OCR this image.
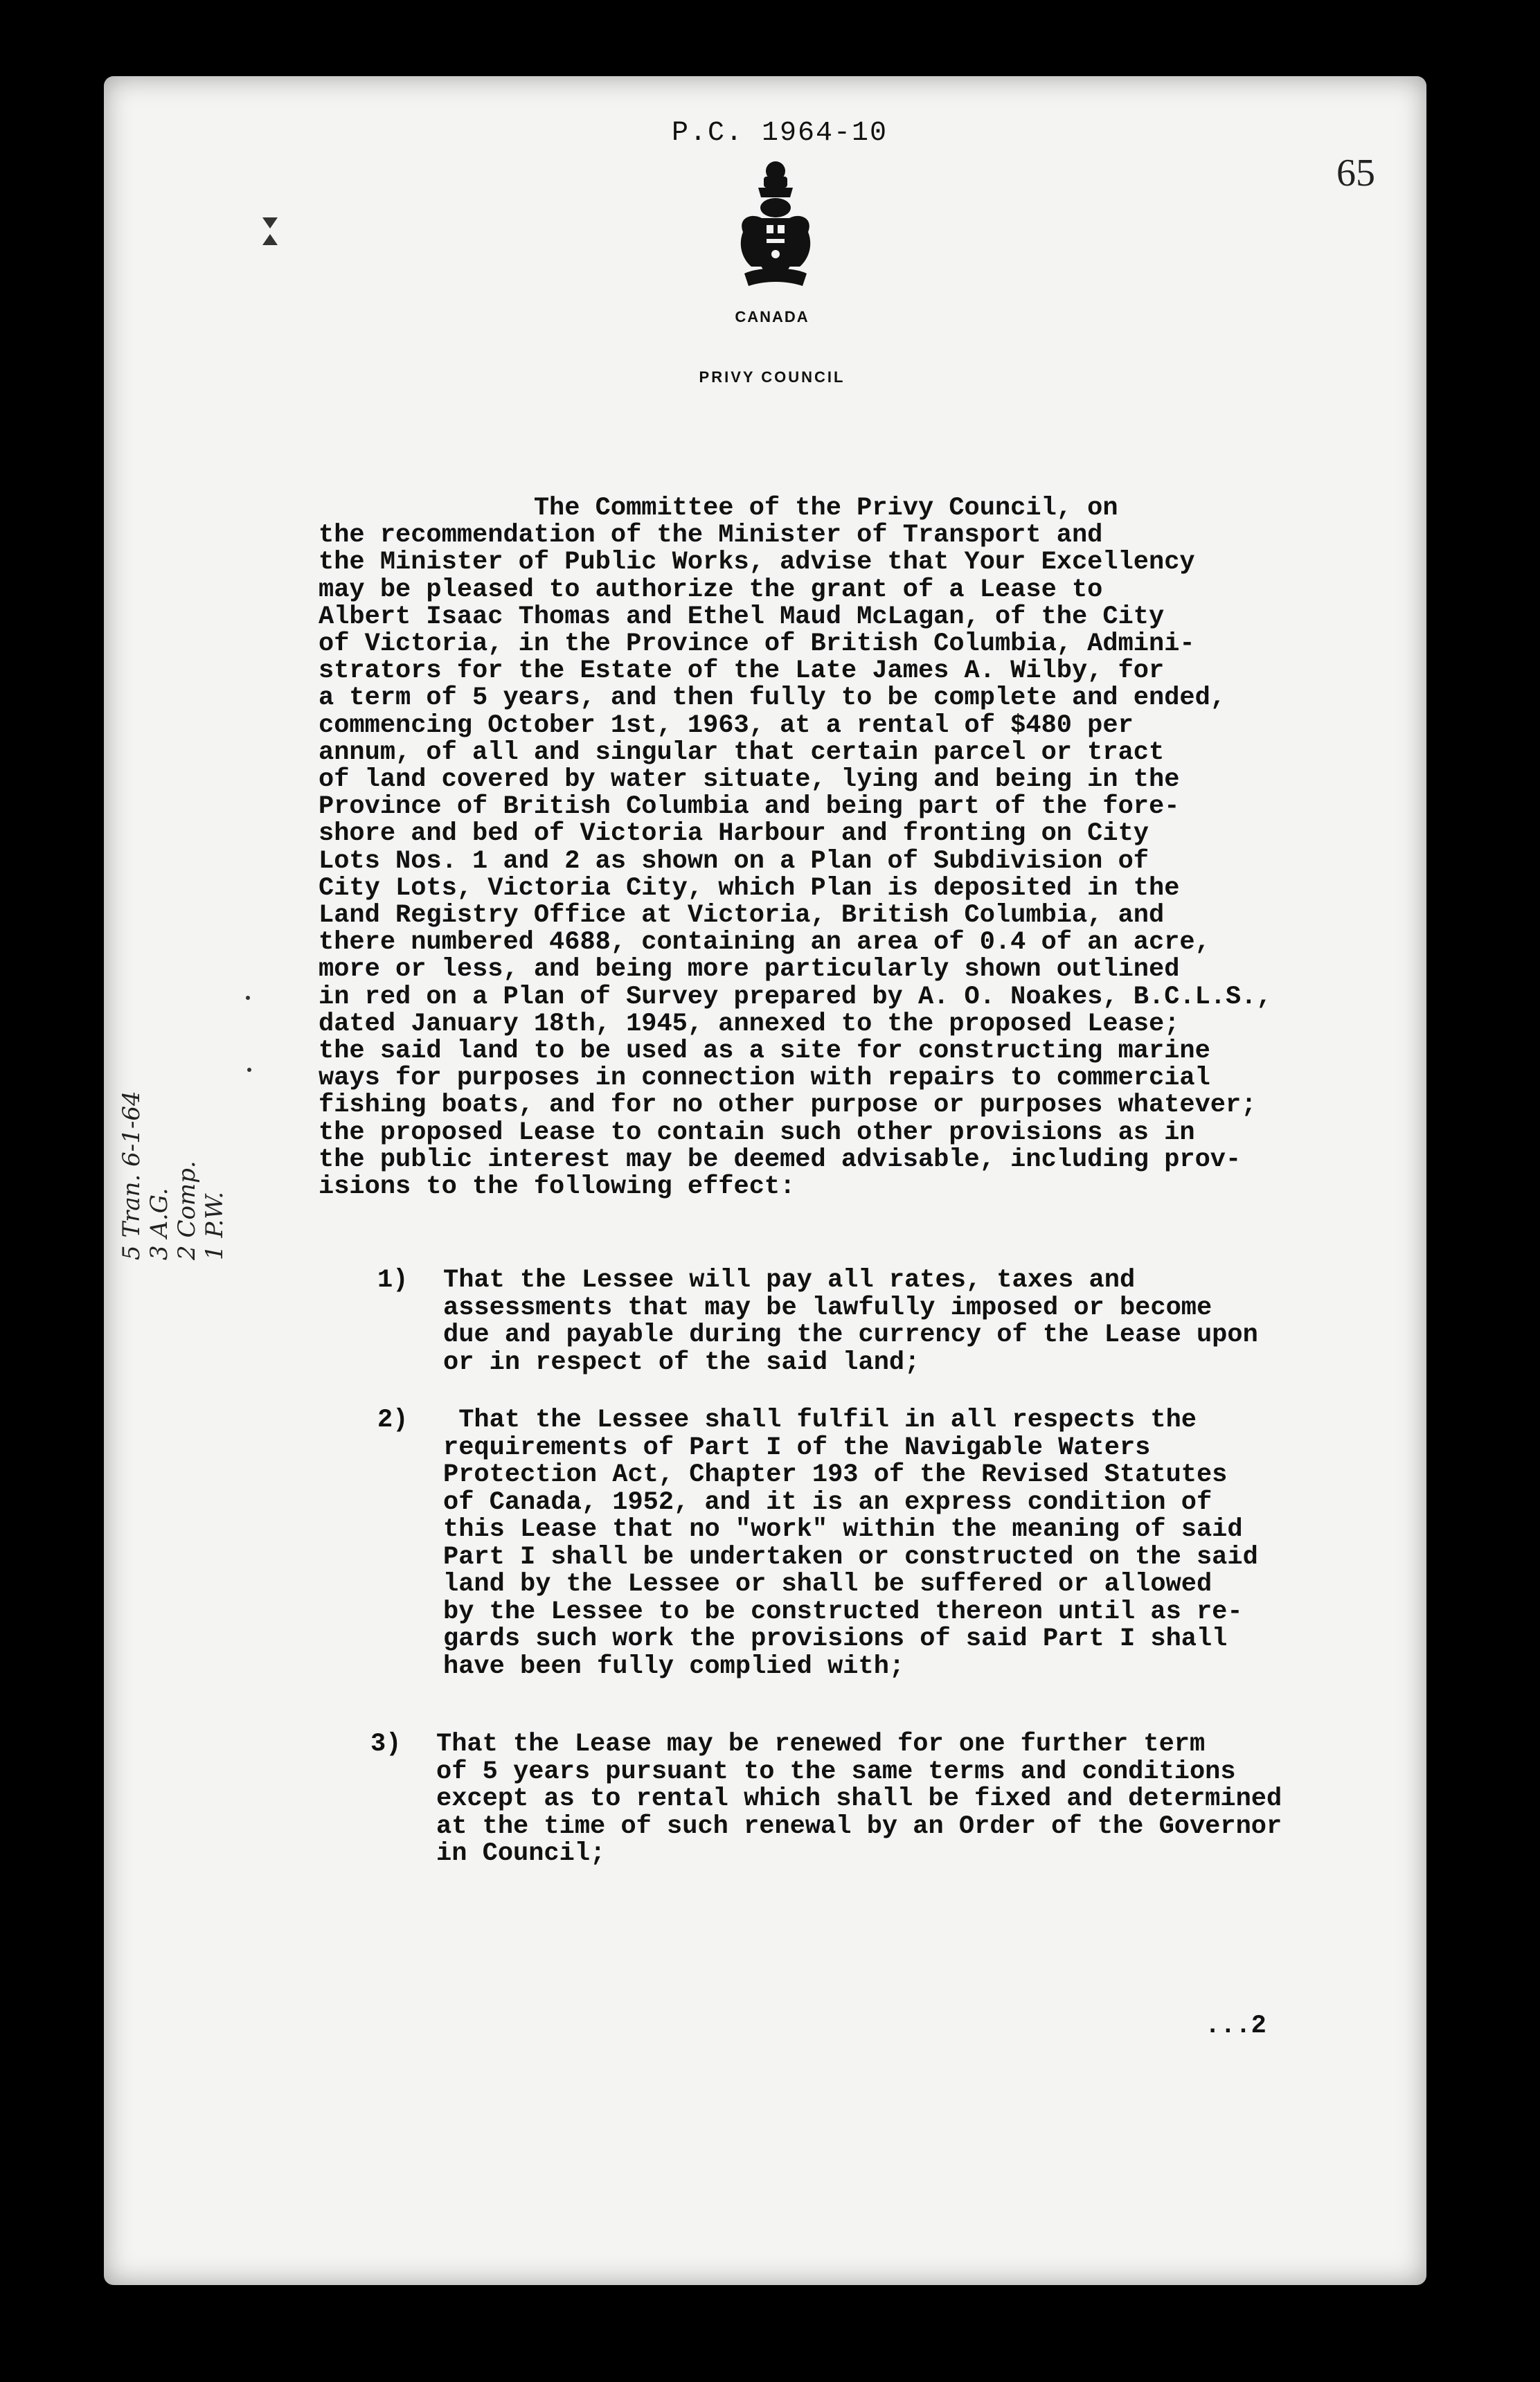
P.C. 1964-10
65
CANADA
PRIVY COUNCIL
5 Tran. 6-1-64 3 A.G. 2 Comp. 1 P.W.
The Committee of the Privy Council, on
the recommendation of the Minister of Transport and
the Minister of Public Works, advise that Your Excellency
may be pleased to authorize the grant of a Lease to
Albert Isaac Thomas and Ethel Maud McLagan, of the City
of Victoria, in the Province of British Columbia, Admini-
strators for the Estate of the Late James A. Wilby, for
a term of 5 years, and then fully to be complete and ended,
commencing October 1st, 1963, at a rental of $480 per
annum, of all and singular that certain parcel or tract
of land covered by water situate, lying and being in the
Province of British Columbia and being part of the fore-
shore and bed of Victoria Harbour and fronting on City
Lots Nos. 1 and 2 as shown on a Plan of Subdivision of
City Lots, Victoria City, which Plan is deposited in the
Land Registry Office at Victoria, British Columbia, and
there numbered 4688, containing an area of 0.4 of an acre,
more or less, and being more particularly shown outlined
in red on a Plan of Survey prepared by A. O. Noakes, B.C.L.S.,
dated January 18th, 1945, annexed to the proposed Lease;
the said land to be used as a site for constructing marine
ways for purposes in connection with repairs to commercial
fishing boats, and for no other purpose or purposes whatever;
the proposed Lease to contain such other provisions as in
the public interest may be deemed advisable, including prov-
isions to the following effect:
1) That the Lessee will pay all rates, taxes and
assessments that may be lawfully imposed or become
due and payable during the currency of the Lease upon
or in respect of the said land;
2) That the Lessee shall fulfil in all respects the
requirements of Part I of the Navigable Waters
Protection Act, Chapter 193 of the Revised Statutes
of Canada, 1952, and it is an express condition of
this Lease that no "work" within the meaning of said
Part I shall be undertaken or constructed on the said
land by the Lessee or shall be suffered or allowed
by the Lessee to be constructed thereon until as re-
gards such work the provisions of said Part I shall
have been fully complied with;
3) That the Lease may be renewed for one further term
of 5 years pursuant to the same terms and conditions
except as to rental which shall be fixed and determined
at the time of such renewal by an Order of the Governor
in Council;
...2
